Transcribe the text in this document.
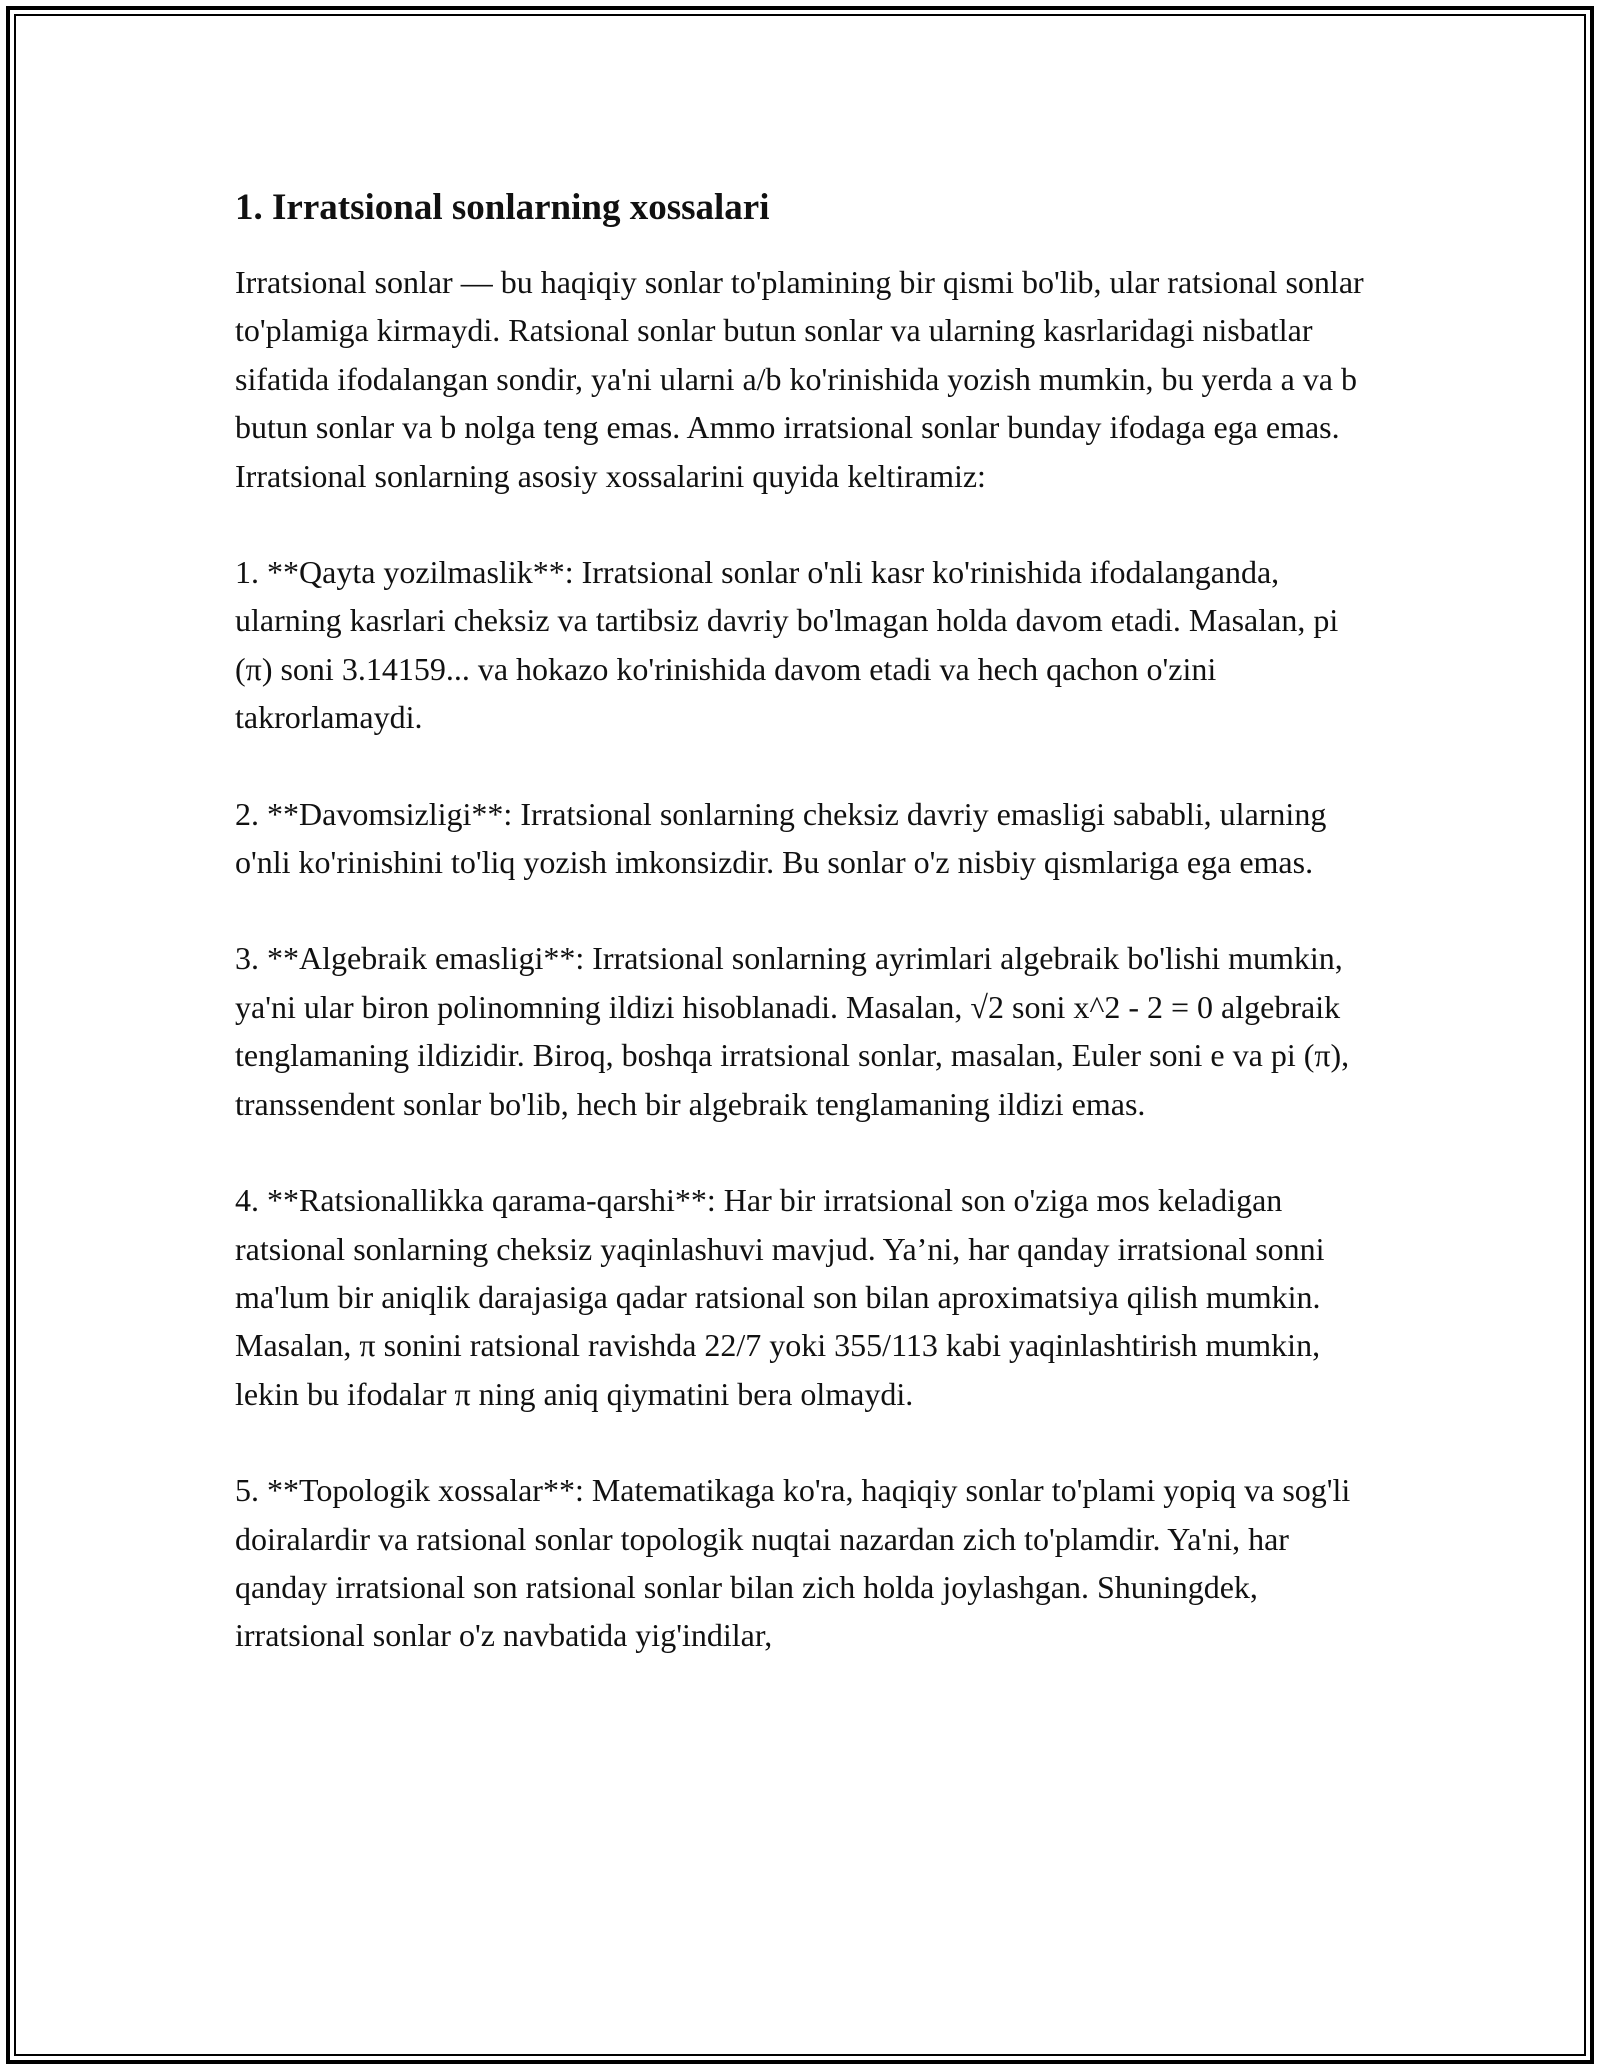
1. Irratsional sonlarning xossalari

Irratsional sonlar — bu haqiqiy sonlar to'plamining bir qismi bo'lib, ular ratsional sonlar to'plamiga kirmaydi. Ratsional sonlar butun sonlar va ularning kasrlaridagi nisbatlar sifatida ifodalangan sondir, ya'ni ularni a/b ko'rinishida yozish mumkin, bu yerda a va b butun sonlar va b nolga teng emas. Ammo irratsional sonlar bunday ifodaga ega emas. Irratsional sonlarning asosiy xossalarini quyida keltiramiz:

1. **Qayta yozilmaslik**: Irratsional sonlar o'nli kasr ko'rinishida ifodalanganda, ularning kasrlari cheksiz va tartibsiz davriy bo'lmagan holda davom etadi. Masalan, pi (π) soni 3.14159... va hokazo ko'rinishida davom etadi va hech qachon o'zini takrorlamaydi.

2. **Davomsizligi**: Irratsional sonlarning cheksiz davriy emasligi sababli, ularning o'nli ko'rinishini to'liq yozish imkonsizdir. Bu sonlar o'z nisbiy qismlariga ega emas.

3. **Algebraik emasligi**: Irratsional sonlarning ayrimlari algebraik bo'lishi mumkin, ya'ni ular biron polinomning ildizi hisoblanadi. Masalan, √2 soni x^2 - 2 = 0 algebraik tenglamaning ildizidir. Biroq, boshqa irratsional sonlar, masalan, Euler soni e va pi (π), transsendent sonlar bo'lib, hech bir algebraik tenglamaning ildizi emas.

4. **Ratsionallikka qarama-qarshi**: Har bir irratsional son o'ziga mos keladigan ratsional sonlarning cheksiz yaqinlashuvi mavjud. Ya’ni, har qanday irratsional sonni ma'lum bir aniqlik darajasiga qadar ratsional son bilan aproximatsiya qilish mumkin. Masalan, π sonini ratsional ravishda 22/7 yoki 355/113 kabi yaqinlashtirish mumkin, lekin bu ifodalar π ning aniq qiymatini bera olmaydi.

5. **Topologik xossalar**: Matematikaga ko'ra, haqiqiy sonlar to'plami yopiq va sog'li doiralardir va ratsional sonlar topologik nuqtai nazardan zich to'plamdir. Ya'ni, har qanday irratsional son ratsional sonlar bilan zich holda joylashgan. Shuningdek, irratsional sonlar o'z navbatida yig'indilar,
